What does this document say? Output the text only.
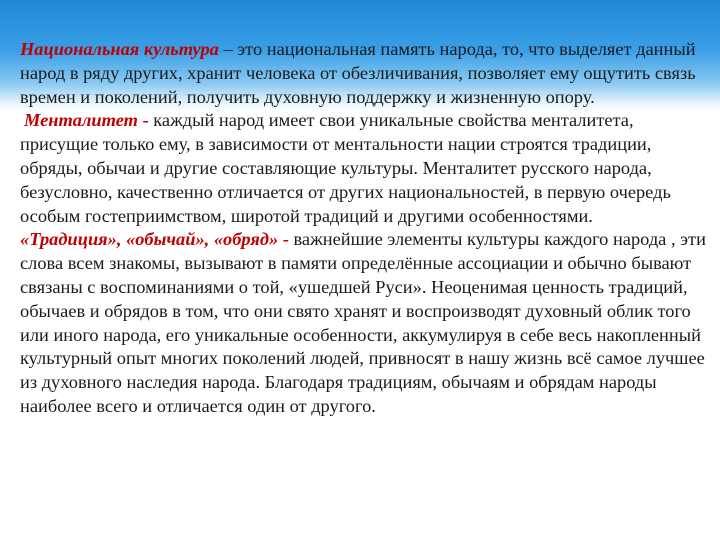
Национальная культура – это национальная память народа, то, что выделяет данный народ в ряду других, хранит человека от обезличивания, позволяет ему ощутить связь времен и поколений, получить духовную поддержку и жизненную опору.

Менталитет - каждый народ имеет свои уникальные свойства менталитета, присущие только ему, в зависимости от ментальности нации строятся традиции, обряды, обычаи и другие составляющие культуры. Менталитет русского народа, безусловно, качественно отличается от других национальностей, в первую очередь особым гостеприимством, широтой традиций и другими особенностями.

«Традиция», «обычай», «обряд» - важнейшие элементы культуры каждого народа , эти слова всем знакомы, вызывают в памяти определённые ассоциации и обычно бывают связаны с воспоминаниями о той, «ушедшей Руси». Неоценимая ценность традиций, обычаев и обрядов в том, что они свято хранят и воспроизводят духовный облик того или иного народа, его уникальные особенности, аккумулируя в себе весь накопленный культурный опыт многих поколений людей, привносят в нашу жизнь всё самое лучшее из духовного наследия народа. Благодаря традициям, обычаям и обрядам народы наиболее всего и отличается один от другого.
